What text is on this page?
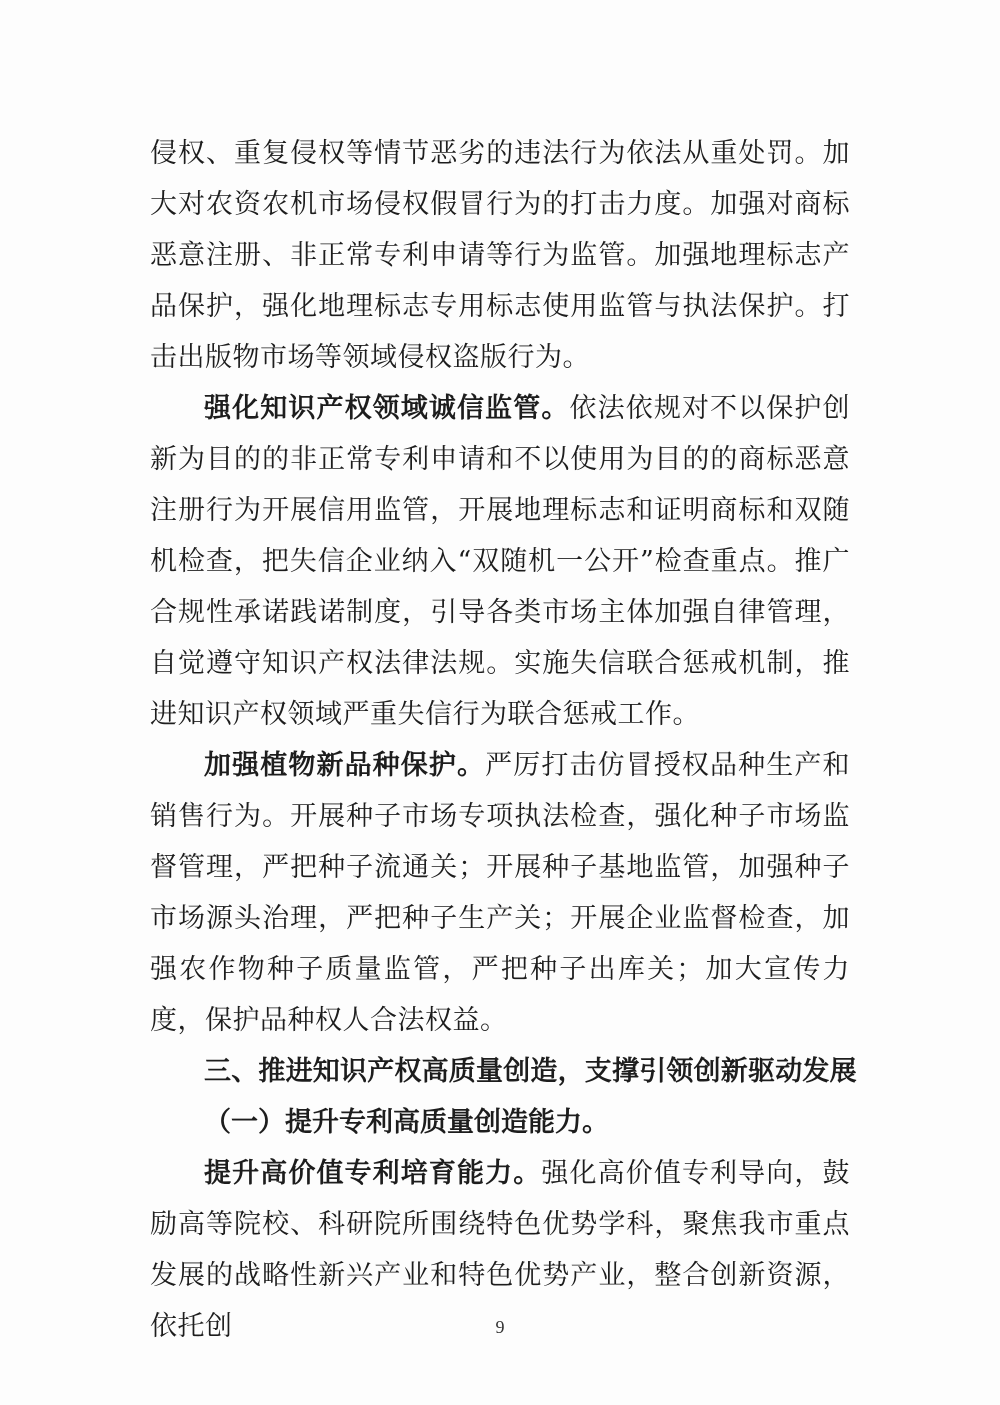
侵权、重复侵权等情节恶劣的违法行为依法从重处罚。加大对农资农机市场侵权假冒行为的打击力度。加强对商标恶意注册、非正常专利申请等行为监管。加强地理标志产品保护，强化地理标志专用标志使用监管与执法保护。打击出版物市场等领域侵权盗版行为。

强化知识产权领域诚信监管。依法依规对不以保护创新为目的的非正常专利申请和不以使用为目的的商标恶意注册行为开展信用监管，开展地理标志和证明商标和双随机检查，把失信企业纳入“双随机一公开”检查重点。推广合规性承诺践诺制度，引导各类市场主体加强自律管理，自觉遵守知识产权法律法规。实施失信联合惩戒机制，推进知识产权领域严重失信行为联合惩戒工作。

加强植物新品种保护。严厉打击仿冒授权品种生产和销售行为。开展种子市场专项执法检查，强化种子市场监督管理，严把种子流通关；开展种子基地监管，加强种子市场源头治理，严把种子生产关；开展企业监督检查，加强农作物种子质量监管，严把种子出库关；加大宣传力度，保护品种权人合法权益。

三、推进知识产权高质量创造，支撑引领创新驱动发展

（一）提升专利高质量创造能力。

提升高价值专利培育能力。强化高价值专利导向，鼓励高等院校、科研院所围绕特色优势学科，聚焦我市重点发展的战略性新兴产业和特色优势产业，整合创新资源，依托创	9
